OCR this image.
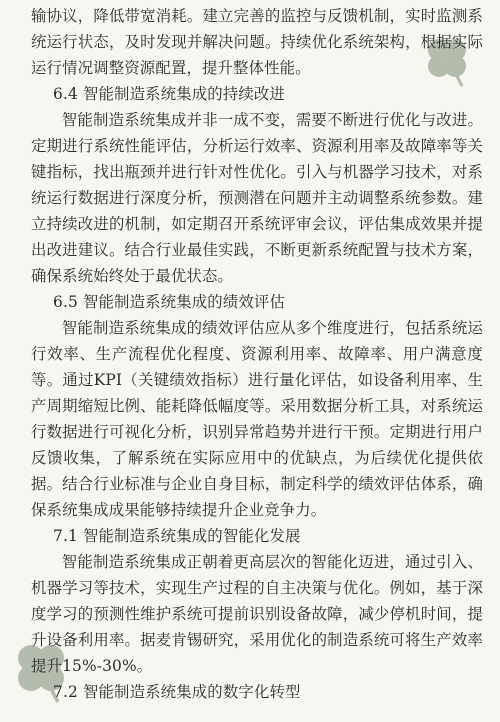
输协议，降低带宽消耗。建立完善的监控与反馈机制，实时监测系统运行状态，及时发现并解决问题。持续优化系统架构，根据实际运行情况调整资源配置，提升整体性能。

6.4 智能制造系统集成的持续改进

智能制造系统集成并非一成不变，需要不断进行优化与改进。定期进行系统性能评估，分析运行效率、资源利用率及故障率等关键指标，找出瓶颈并进行针对性优化。引入与机器学习技术，对系统运行数据进行深度分析，预测潜在问题并主动调整系统参数。建立持续改进的机制，如定期召开系统评审会议，评估集成效果并提出改进建议。结合行业最佳实践，不断更新系统配置与技术方案，确保系统始终处于最优状态。

6.5 智能制造系统集成的绩效评估

智能制造系统集成的绩效评估应从多个维度进行，包括系统运行效率、生产流程优化程度、资源利用率、故障率、用户满意度等。通过KPI（关键绩效指标）进行量化评估，如设备利用率、生产周期缩短比例、能耗降低幅度等。采用数据分析工具，对系统运行数据进行可视化分析，识别异常趋势并进行干预。定期进行用户反馈收集，了解系统在实际应用中的优缺点，为后续优化提供依据。结合行业标准与企业自身目标，制定科学的绩效评估体系，确保系统集成成果能够持续提升企业竞争力。

7.1 智能制造系统集成的智能化发展

智能制造系统集成正朝着更高层次的智能化迈进，通过引入、机器学习等技术，实现生产过程的自主决策与优化。例如，基于深度学习的预测性维护系统可提前识别设备故障，减少停机时间，提升设备利用率。据麦肯锡研究，采用优化的制造系统可将生产效率提升15%-30%。

7.2 智能制造系统集成的数字化转型
